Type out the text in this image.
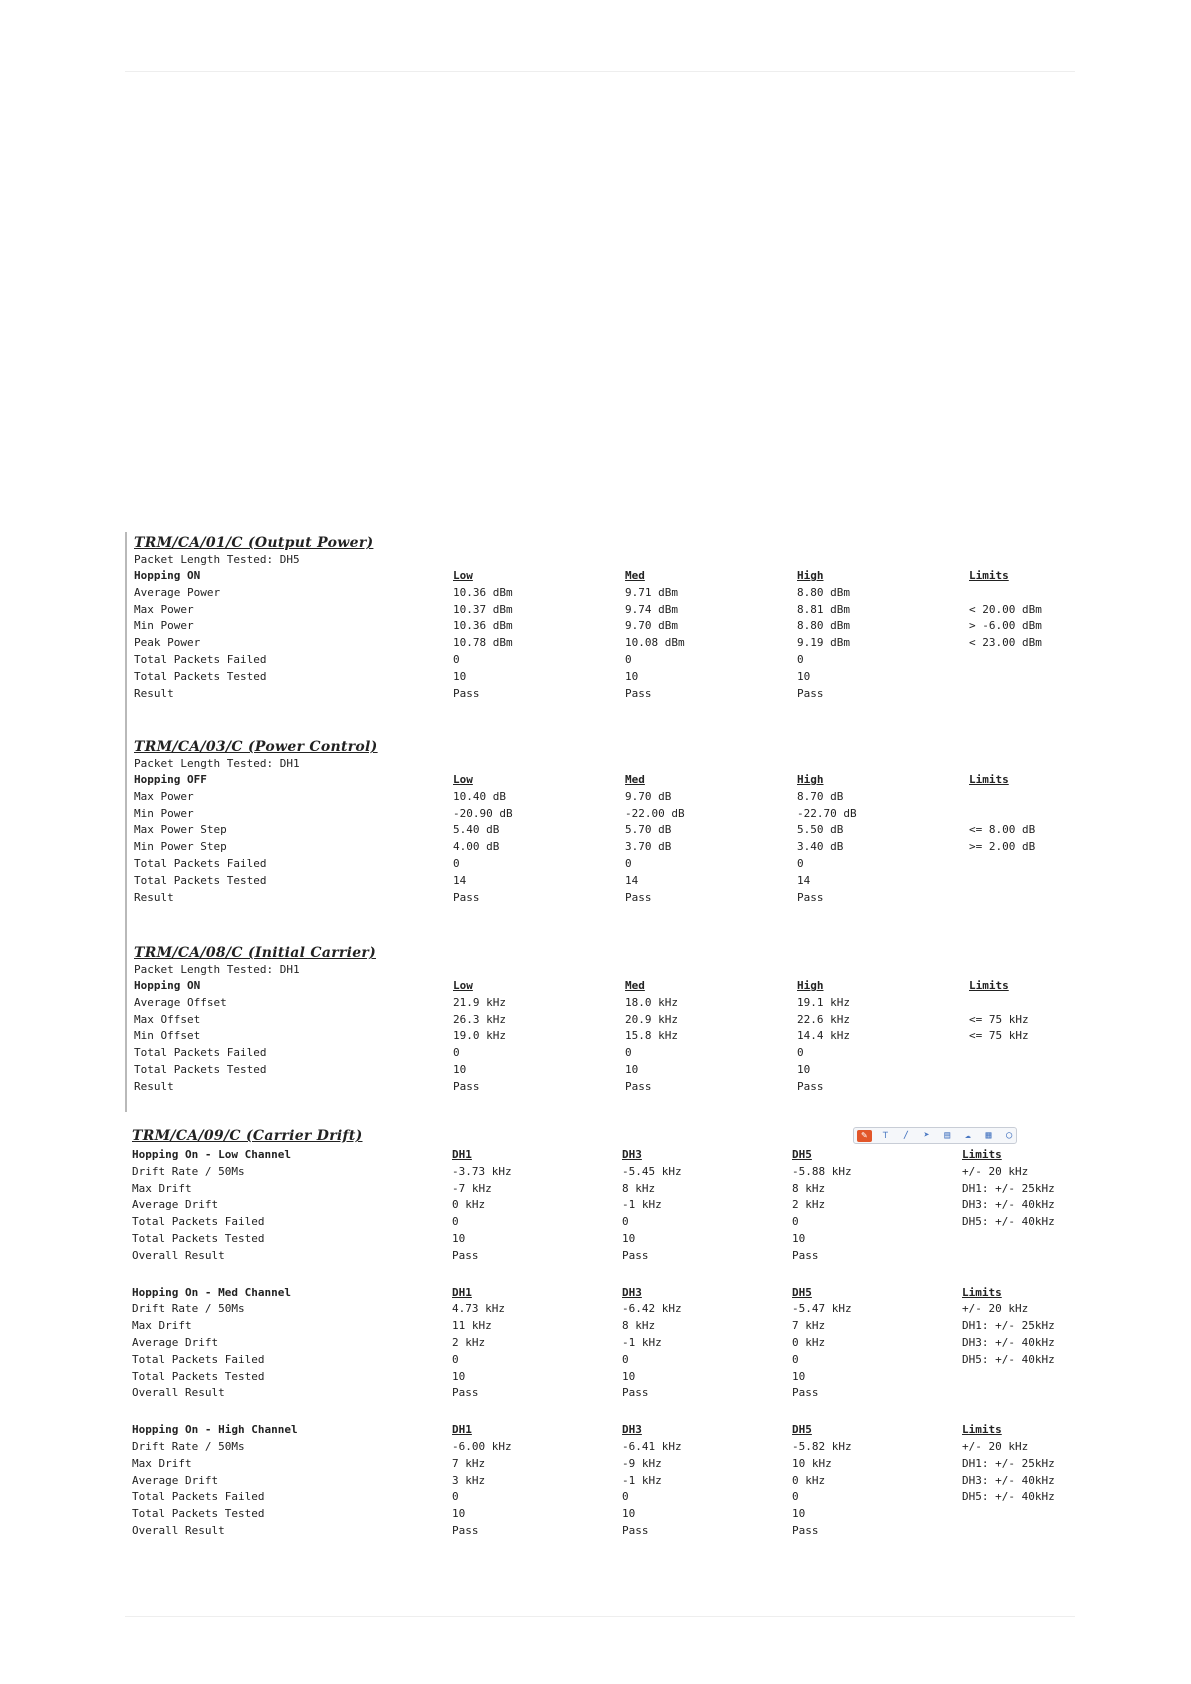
TRM/CA/01/C (Output Power)
Packet Length Tested: DH5
Hopping ON	Low	Med	High	Limits
Average Power	10.36 dBm	9.71 dBm	8.80 dBm	
Max Power	10.37 dBm	9.74 dBm	8.81 dBm	< 20.00 dBm
Min Power	10.36 dBm	9.70 dBm	8.80 dBm	> -6.00 dBm
Peak Power	10.78 dBm	10.08 dBm	9.19 dBm	< 23.00 dBm
Total Packets Failed	0	0	0	
Total Packets Tested	10	10	10	
Result	Pass	Pass	Pass	
TRM/CA/03/C (Power Control)
Packet Length Tested: DH1
Hopping OFF	Low	Med	High	Limits
Max Power	10.40 dB	9.70 dB	8.70 dB	
Min Power	-20.90 dB	-22.00 dB	-22.70 dB	
Max Power Step	5.40 dB	5.70 dB	5.50 dB	<= 8.00 dB
Min Power Step	4.00 dB	3.70 dB	3.40 dB	>= 2.00 dB
Total Packets Failed	0	0	0	
Total Packets Tested	14	14	14	
Result	Pass	Pass	Pass	
TRM/CA/08/C (Initial Carrier)
Packet Length Tested: DH1
Hopping ON	Low	Med	High	Limits
Average Offset	21.9 kHz	18.0 kHz	19.1 kHz	
Max Offset	26.3 kHz	20.9 kHz	22.6 kHz	<= 75 kHz
Min Offset	19.0 kHz	15.8 kHz	14.4 kHz	<= 75 kHz
Total Packets Failed	0	0	0	
Total Packets Tested	10	10	10	
Result	Pass	Pass	Pass	
✎	⊤	∕	➤	▤	☁	▦	◯
TRM/CA/09/C (Carrier Drift)
Hopping On - Low Channel	DH1	DH3	DH5	Limits
Drift Rate / 50Ms	-3.73 kHz	-5.45 kHz	-5.88 kHz	+/- 20 kHz
Max Drift	-7 kHz	8 kHz	8 kHz	DH1: +/- 25kHz
Average Drift	0 kHz	-1 kHz	2 kHz	DH3: +/- 40kHz
Total Packets Failed	0	0	0	DH5: +/- 40kHz
Total Packets Tested	10	10	10	
Overall Result	Pass	Pass	Pass	
Hopping On - Med Channel	DH1	DH3	DH5	Limits
Drift Rate / 50Ms	4.73 kHz	-6.42 kHz	-5.47 kHz	+/- 20 kHz
Max Drift	11 kHz	8 kHz	7 kHz	DH1: +/- 25kHz
Average Drift	2 kHz	-1 kHz	0 kHz	DH3: +/- 40kHz
Total Packets Failed	0	0	0	DH5: +/- 40kHz
Total Packets Tested	10	10	10	
Overall Result	Pass	Pass	Pass	
Hopping On - High Channel	DH1	DH3	DH5	Limits
Drift Rate / 50Ms	-6.00 kHz	-6.41 kHz	-5.82 kHz	+/- 20 kHz
Max Drift	7 kHz	-9 kHz	10 kHz	DH1: +/- 25kHz
Average Drift	3 kHz	-1 kHz	0 kHz	DH3: +/- 40kHz
Total Packets Failed	0	0	0	DH5: +/- 40kHz
Total Packets Tested	10	10	10	
Overall Result	Pass	Pass	Pass	
